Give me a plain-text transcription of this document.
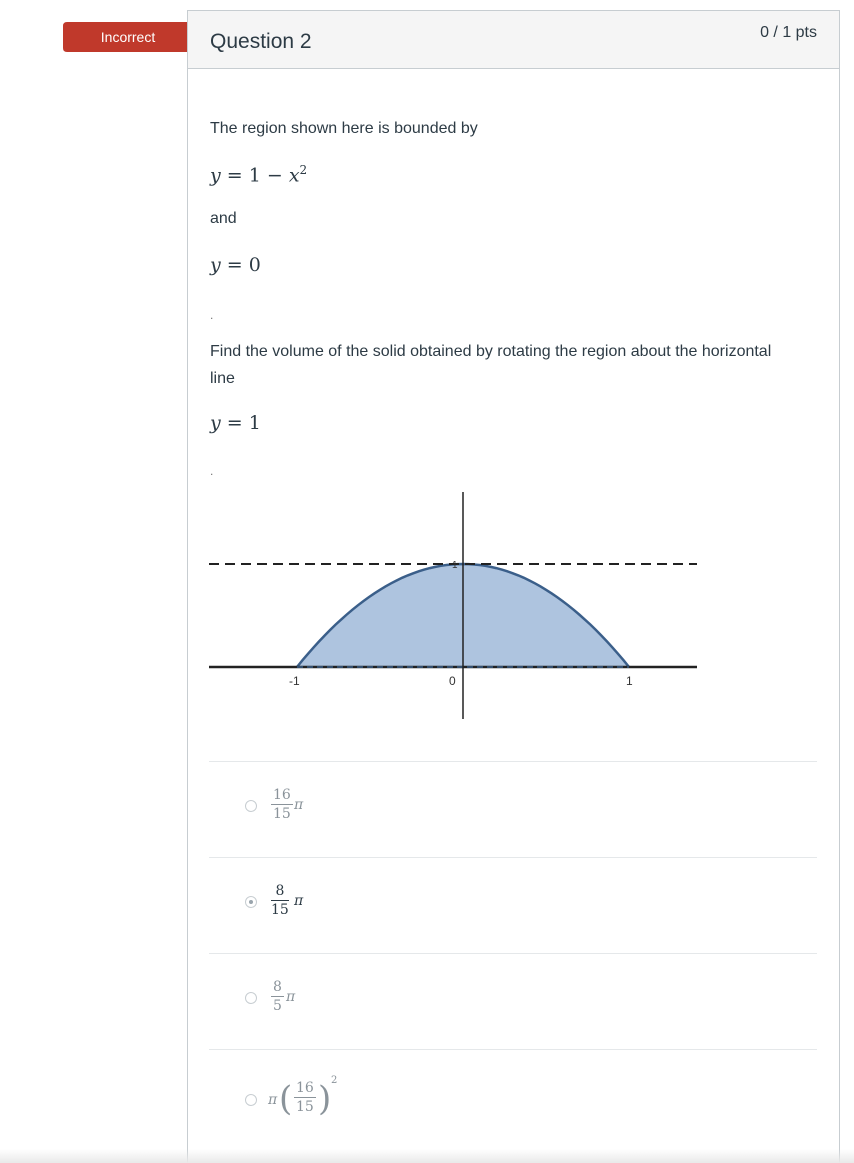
Incorrect	Question 2	0 / 1 pts
The region shown here is bounded by
$y = 1 - x^2$
and
y = 0
.
Find the volume of the solid obtained by rotating the region about the horizontal line
y = 1
.
-1	0	1
1
$\frac{16}{15}$ π
$\frac{8}{15}$ π
$\frac{8}{5}$ π
π ( $\frac{16}{15}$ ) 2
